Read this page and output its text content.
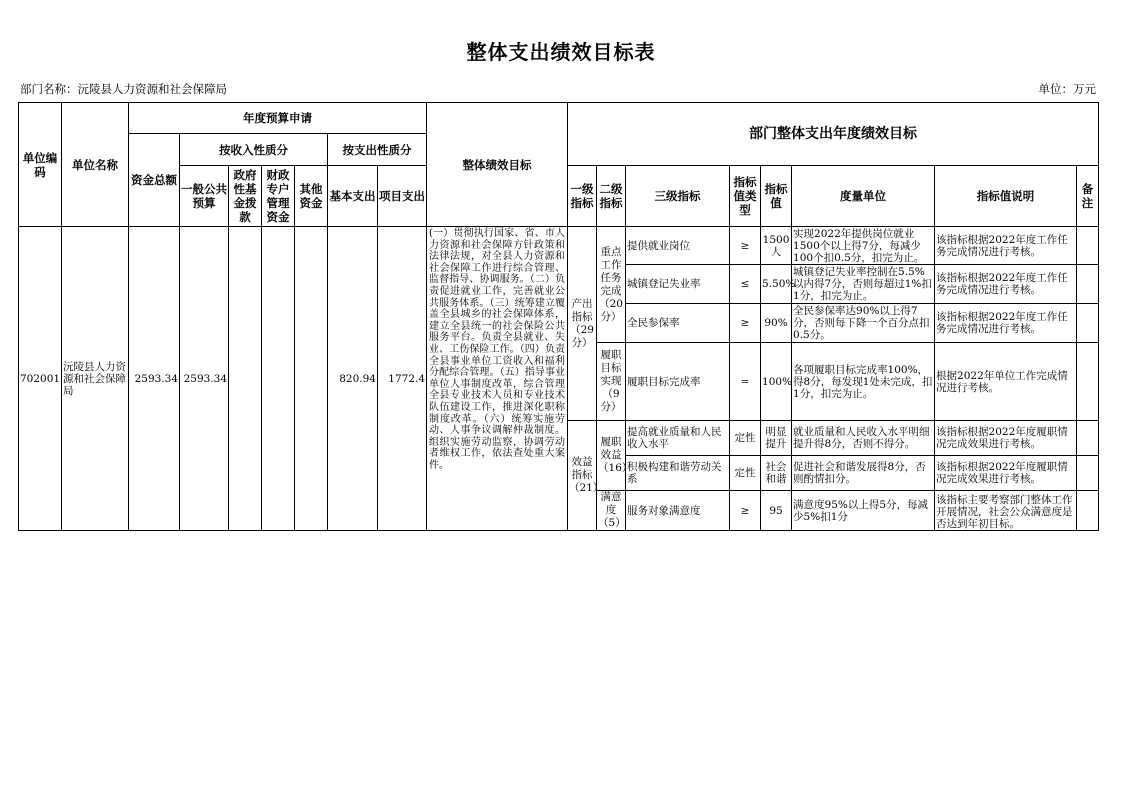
整体支出绩效目标表
部门名称：沅陵县人力资源和社会保障局	单位：万元
单位编码	单位名称	年度预算申请							整体绩效目标	部门整体支出年度绩效目标							
		资金总额	按收入性质分				按支出性质分										
			一般公共预算	政府性基金拨款	财政专户管理资金	其他资金	基本支出	项目支出		一级指标	二级指标	三级指标	指标值类型	指标值	度量单位	指标值说明	备注
702001	沅陵县人力资源和社会保障局	2593.34	2593.34				820.94	1772.4	(一）贯彻执行国家、省、市人力资源和社会保障方针政策和法律法规，对全县人力资源和社会保障工作进行综合管理、监督指导、协调服务。（二）负责促进就业工作，完善就业公共服务体系。（三）统筹建立覆盖全县城乡的社会保障体系，建立全县统一的社会保险公共服务平台。负责全县就业、失业、工伤保险工作。（四）负责全县事业单位工资收入和福利分配综合管理。（五）指导事业单位人事制度改革，综合管理全县专业技术人员和专业技术队伍建设工作，推进深化职称制度改革。（六）统筹实施劳动、人事争议调解仲裁制度。组织实施劳动监察，协调劳动者维权工作，依法查处重大案件。	产出指标（29分）	重点工作任务完成（20分）	提供就业岗位	≥	1500人	实现2022年提供岗位就业1500个以上得7分，每减少100个扣0.5分，扣完为止。	该指标根据2022年度工作任务完成情况进行考核。	
												城镇登记失业率	≤	5.50%	城镇登记失业率控制在5.5%以内得7分，否则每超过1%扣1分，扣完为止。	该指标根据2022年度工作任务完成情况进行考核。	
												全民参保率	≥	90%	全民参保率达90%以上得7分，否则每下降一个百分点扣0.5分。	该指标根据2022年度工作任务完成情况进行考核。	
											履职目标实现（9分）	履职目标完成率	=	100%	各项履职目标完成率100%，得8分，每发现1处未完成，扣1分，扣完为止。	根据2022年单位工作完成情况进行考核。	
										效益指标（21）	履职效益（16）	提高就业质量和人民收入水平	定性	明显提升	就业质量和人民收入水平明细提升得8分，否则不得分。	该指标根据2022年度履职情况完成效果进行考核。	
												积极构建和谐劳动关系	定性	社会和谐	促进社会和谐发展得8分，否则酌情扣分。	该指标根据2022年度履职情况完成效果进行考核。	
											满意度（5）	服务对象满意度	≥	95	满意度95%以上得5分，每减少5%扣1分	该指标主要考察部门整体工作开展情况，社会公众满意度是否达到年初目标。	
